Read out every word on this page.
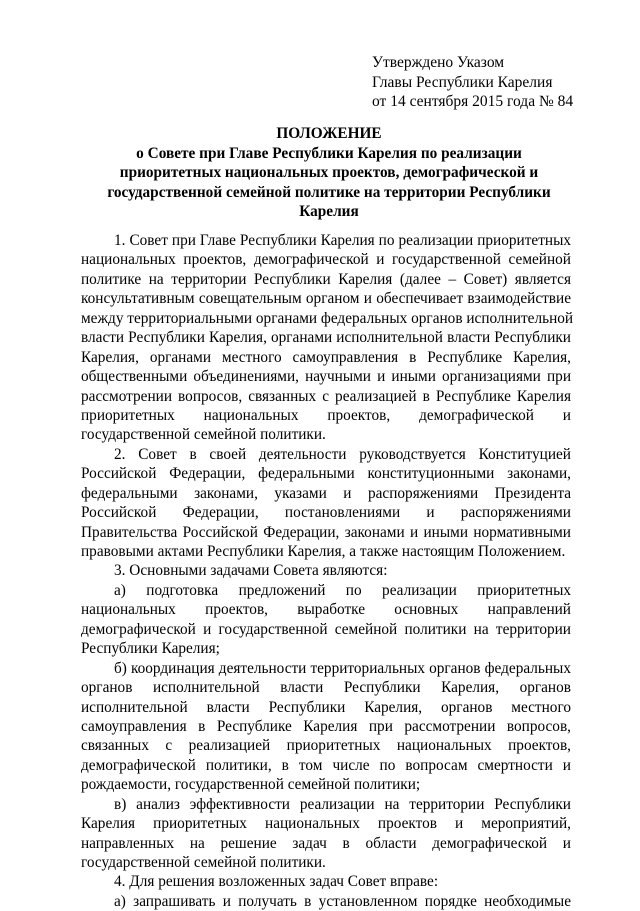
Утверждено Указом
Главы Республики Карелия
от 14 сентября 2015 года № 84
ПОЛОЖЕНИЕ
о Совете при Главе Республики Карелия по реализации
приоритетных национальных проектов, демографической и
государственной семейной политике на территории Республики
Карелия
1. Совет при Главе Республики Карелия по реализации приоритетных
национальных проектов, демографической и государственной семейной
политике на территории Республики Карелия (далее – Совет) является
консультативным совещательным органом и обеспечивает взаимодействие
между территориальными органами федеральных органов исполнительной
власти Республики Карелия, органами исполнительной власти Республики
Карелия, органами местного самоуправления в Республике Карелия,
общественными объединениями, научными и иными организациями при
рассмотрении вопросов, связанных с реализацией в Республике Карелия
приоритетных национальных проектов, демографической и
государственной семейной политики.
2. Совет в своей деятельности руководствуется Конституцией
Российской Федерации, федеральными конституционными законами,
федеральными законами, указами и распоряжениями Президента
Российской Федерации, постановлениями и распоряжениями
Правительства Российской Федерации, законами и иными нормативными
правовыми актами Республики Карелия, а также настоящим Положением.
3. Основными задачами Совета являются:
а) подготовка предложений по реализации приоритетных
национальных проектов, выработке основных направлений
демографической и государственной семейной политики на территории
Республики Карелия;
б) координация деятельности территориальных органов федеральных
органов исполнительной власти Республики Карелия, органов
исполнительной власти Республики Карелия, органов местного
самоуправления в Республике Карелия при рассмотрении вопросов,
связанных с реализацией приоритетных национальных проектов,
демографической политики, в том числе по вопросам смертности и
рождаемости, государственной семейной политики;
в) анализ эффективности реализации на территории Республики
Карелия приоритетных национальных проектов и мероприятий,
направленных на решение задач в области демографической и
государственной семейной политики.
4. Для решения возложенных задач Совет вправе:
а) запрашивать и получать в установленном порядке необходимые
